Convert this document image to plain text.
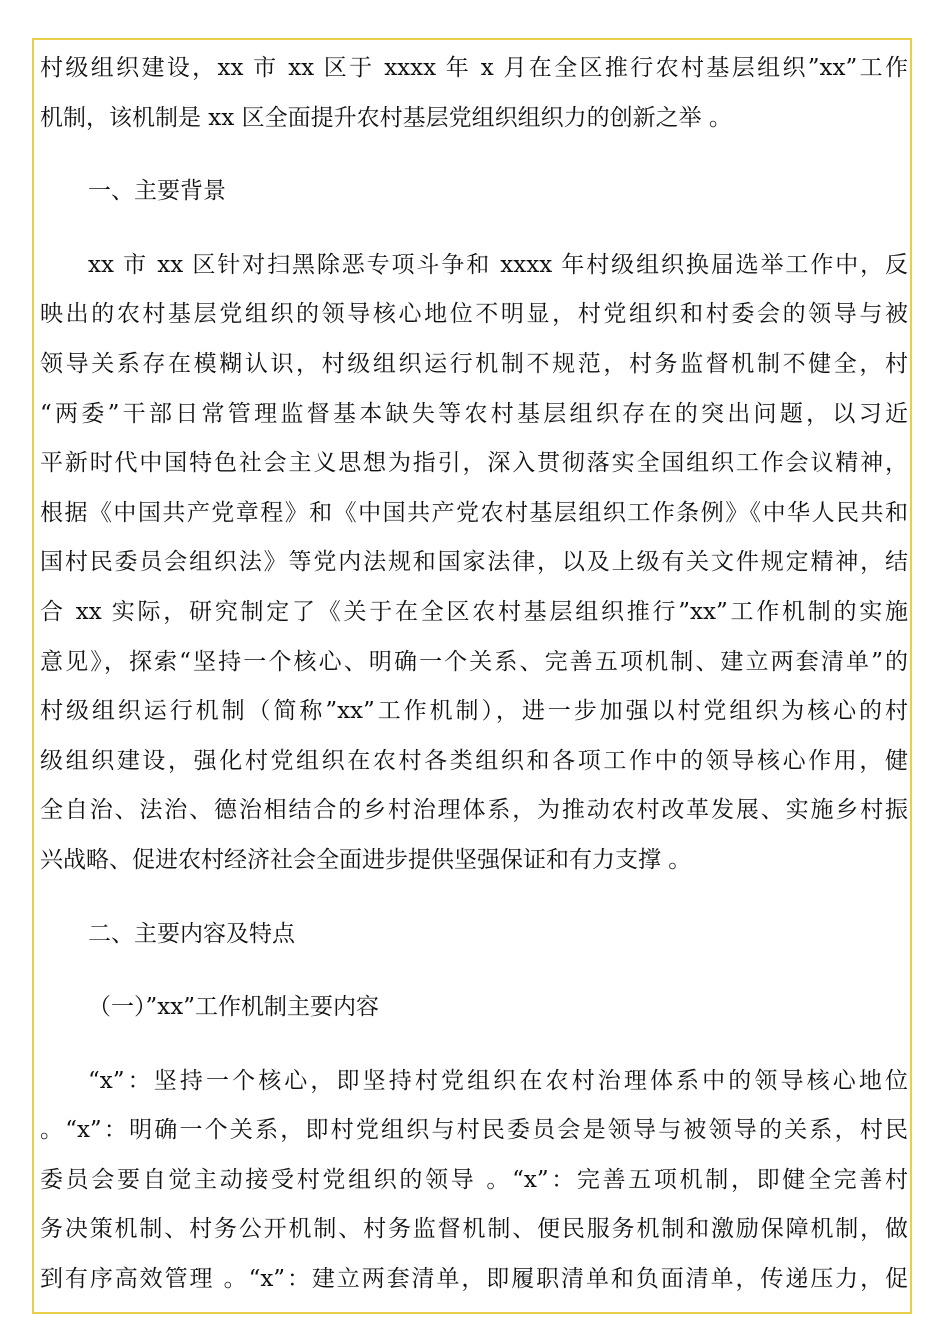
村级组织建设，xx 市 xx 区于 xxxx 年 x 月在全区推行农村基层组织”xx”工作
机制，该机制是 xx 区全面提升农村基层党组织组织力的创新之举 。
一、主要背景
xx 市 xx 区针对扫黑除恶专项斗争和 xxxx 年村级组织换届选举工作中，反
映出的农村基层党组织的领导核心地位不明显，村党组织和村委会的领导与被
领导关系存在模糊认识，村级组织运行机制不规范，村务监督机制不健全，村
“两委”干部日常管理监督基本缺失等农村基层组织存在的突出问题，以习近
平新时代中国特色社会主义思想为指引，深入贯彻落实全国组织工作会议精神，
根据《中国共产党章程》和《中国共产党农村基层组织工作条例》《中华人民共和
国村民委员会组织法》等党内法规和国家法律，以及上级有关文件规定精神，结
合 xx 实际，研究制定了《关于在全区农村基层组织推行”xx”工作机制的实施
意见》，探索“坚持一个核心、明确一个关系、完善五项机制、建立两套清单”的
村级组织运行机制（简称”xx”工作机制），进一步加强以村党组织为核心的村
级组织建设，强化村党组织在农村各类组织和各项工作中的领导核心作用，健
全自治、法治、德治相结合的乡村治理体系，为推动农村改革发展、实施乡村振
兴战略、促进农村经济社会全面进步提供坚强保证和有力支撑 。
二、主要内容及特点
（一）”xx”工作机制主要内容
“x”：坚持一个核心，即坚持村党组织在农村治理体系中的领导核心地位
。“x”：明确一个关系，即村党组织与村民委员会是领导与被领导的关系，村民
委员会要自觉主动接受村党组织的领导 。“x”：完善五项机制，即健全完善村
务决策机制、村务公开机制、村务监督机制、便民服务机制和激励保障机制，做
到有序高效管理 。“x”：建立两套清单，即履职清单和负面清单，传递压力，促
